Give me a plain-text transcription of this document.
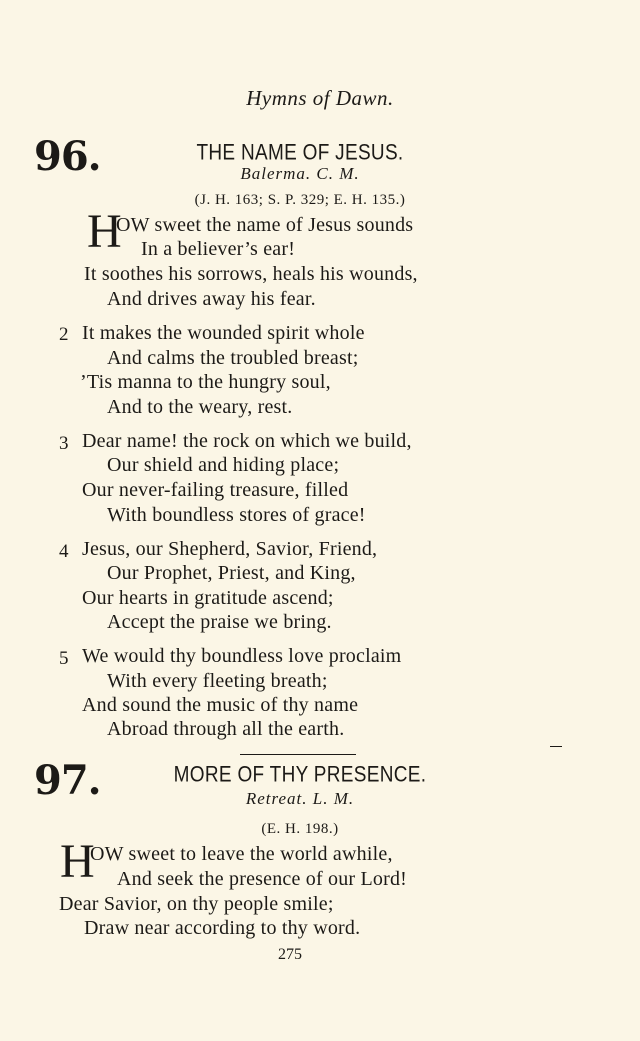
Hymns of Dawn.
96.	THE NAME OF JESUS.
Balerma. C. M.
(J. H. 163; S. P. 329; E. H. 135.)
H
OW sweet the name of Jesus sounds
In a believer’s ear!
It soothes his sorrows, heals his wounds,
And drives away his fear.
2 It makes the wounded spirit whole
And calms the troubled breast;
’Tis manna to the hungry soul,
And to the weary, rest.
3 Dear name! the rock on which we build,
Our shield and hiding place;
Our never-failing treasure, filled
With boundless stores of grace!
4 Jesus, our Shepherd, Savior, Friend,
Our Prophet, Priest, and King,
Our hearts in gratitude ascend;
Accept the praise we bring.
5 We would thy boundless love proclaim
With every fleeting breath;
And sound the music of thy name
Abroad through all the earth.
97.	MORE OF THY PRESENCE.
Retreat. L. M.
(E. H. 198.)
H
OW sweet to leave the world awhile,
And seek the presence of our Lord!
Dear Savior, on thy people smile;
Draw near according to thy word.
275
